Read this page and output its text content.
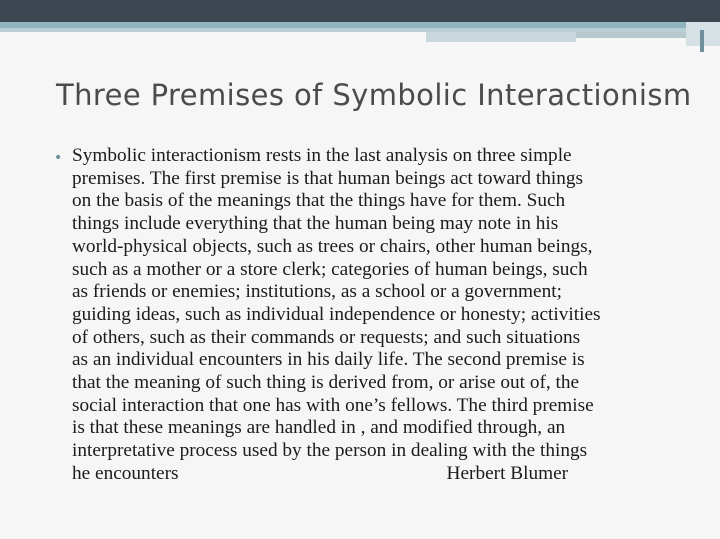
Three Premises of Symbolic Interactionism
• Symbolic interactionism rests in the last analysis on three simple
premises. The first premise is that human beings act toward things
on the basis of the meanings that the things have for them. Such
things include everything that the human being may note in his
world-physical objects, such as trees or chairs, other human beings,
such as a mother or a store clerk; categories of human beings, such
as friends or enemies; institutions, as a school or a government;
guiding ideas, such as individual independence or honesty; activities
of others, such as their commands or requests; and such situations
as an individual encounters in his daily life. The second premise is
that the meaning of such thing is derived from, or arise out of, the
social interaction that one has with one’s fellows. The third premise
is that these meanings are handled in , and modified through, an
interpretative process used by the person in dealing with the things
he encounters	Herbert Blumer
